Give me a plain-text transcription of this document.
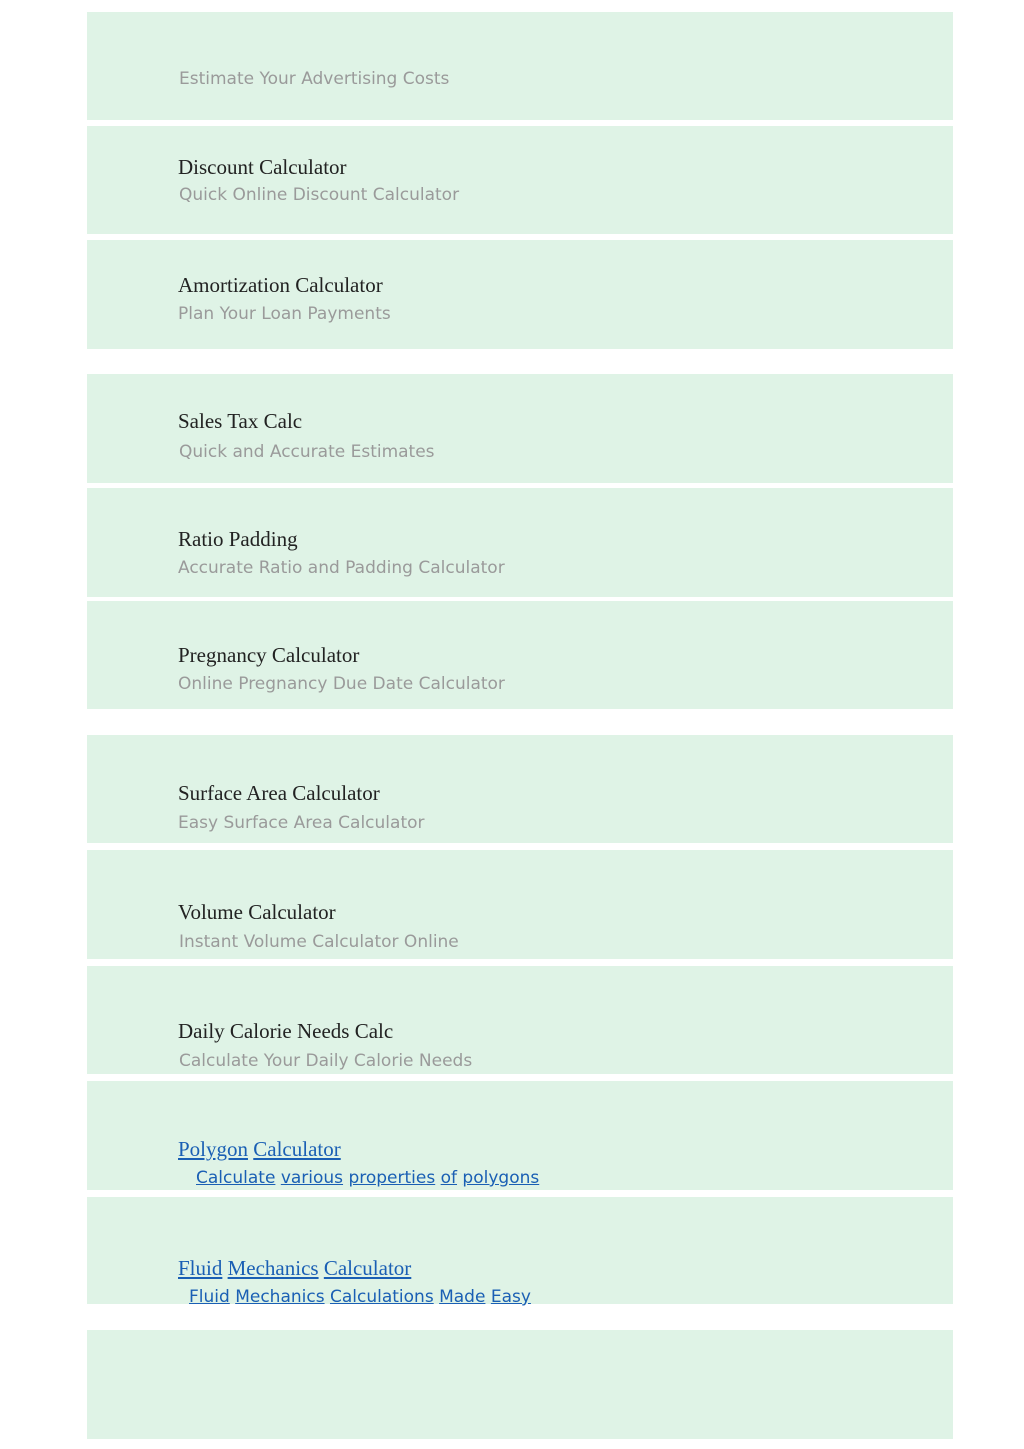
Estimate Your Advertising Costs
Discount Calculator
Quick Online Discount Calculator
Amortization Calculator
Plan Your Loan Payments
Sales Tax Calc
Quick and Accurate Estimates
Ratio Padding
Accurate Ratio and Padding Calculator
Pregnancy Calculator
Online Pregnancy Due Date Calculator
Surface Area Calculator
Easy Surface Area Calculator
Volume Calculator
Instant Volume Calculator Online
Daily Calorie Needs Calc
Calculate Your Daily Calorie Needs
Polygon Calculator
Calculate various properties of polygons
Fluid Mechanics Calculator
Fluid Mechanics Calculations Made Easy
